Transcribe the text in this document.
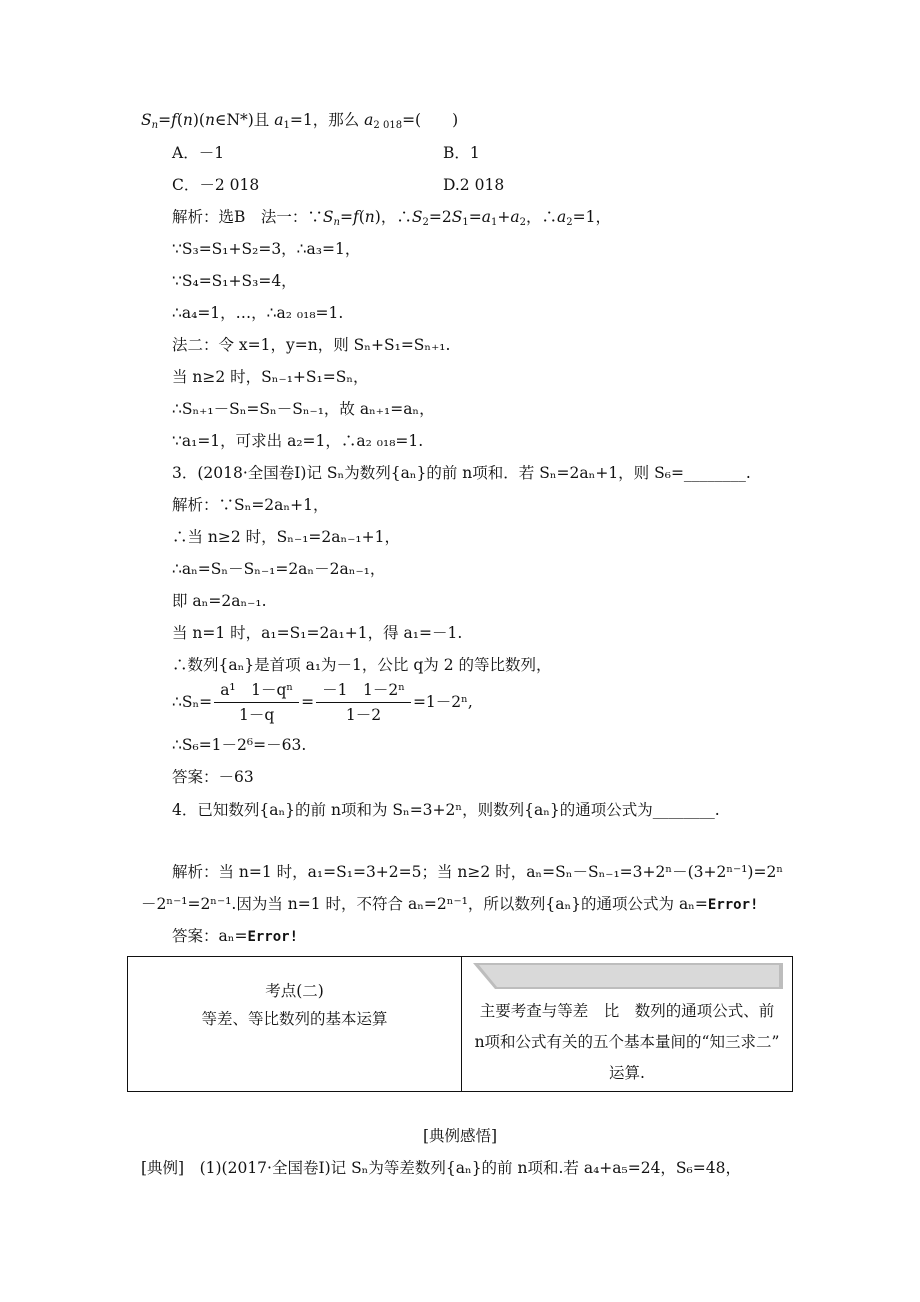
$S_n=f(n)(n\in N*)$且 $a_1=1$，那么 $a_{2 018}=$(　　)
A．－1	B．1
C．－2 018	D.2 018
解析：选B　法一：$\because S_n=f(n)$，$\therefore S_2=2S_1=a_1+a_2$，$\therefore a_2=1$，
∵S₃=S₁+S₂=3，∴a₃=1，
∵S₄=S₁+S₃=4，
∴a₄=1，…，∴a₂ ₀₁₈=1.
法二：令 x=1，y=n，则 Sₙ+S₁=Sₙ₊₁.
当 n≥2 时，Sₙ₋₁+S₁=Sₙ，
∴Sₙ₊₁－Sₙ=Sₙ－Sₙ₋₁，故 aₙ₊₁=aₙ，
∵a₁=1，可求出 a₂=1，∴a₂ ₀₁₈=1.
3．(2018·全国卷Ⅰ)记 Sₙ为数列{aₙ}的前 n项和．若 Sₙ=2aₙ+1，则 S₆=________.
解析：∵Sₙ=2aₙ+1，
∴当 n≥2 时，Sₙ₋₁=2aₙ₋₁+1，
∴aₙ=Sₙ－Sₙ₋₁=2aₙ－2aₙ₋₁，
即 aₙ=2aₙ₋₁.
当 n=1 时，a₁=S₁=2a₁+1，得 a₁=－1.
∴数列{aₙ}是首项 a₁为－1，公比 q为 2 的等比数列，
∴Sₙ= $\frac{\text{a¹　1－qⁿ}}{1-q} = \frac{\text{－1　1－2ⁿ}}{1-2} =1-2^n$,
∴S₆=1－2⁶=－63.
答案：－63
4．已知数列{aₙ}的前 n项和为 Sₙ=3+2ⁿ，则数列{aₙ}的通项公式为________.
解析：当 n=1 时，a₁=S₁=3+2=5；当 n≥2 时，aₙ=Sₙ－Sₙ₋₁=3+2ⁿ－(3+2ⁿ⁻¹)=2ⁿ
－2ⁿ⁻¹=2ⁿ⁻¹.因为当 n=1 时，不符合 aₙ=2ⁿ⁻¹，所以数列{aₙ}的通项公式为 aₙ=Error!
答案：aₙ=Error!
考点(二)
等差、等比数列的基本运算	主要考查与等差　比　数列的通项公式、前
n项和公式有关的五个基本量间的“知三求二”
运算.
[典例感悟]
[典例]　(1)(2017·全国卷Ⅰ)记 Sₙ为等差数列{aₙ}的前 n项和.若 a₄+a₅=24，S₆=48，
